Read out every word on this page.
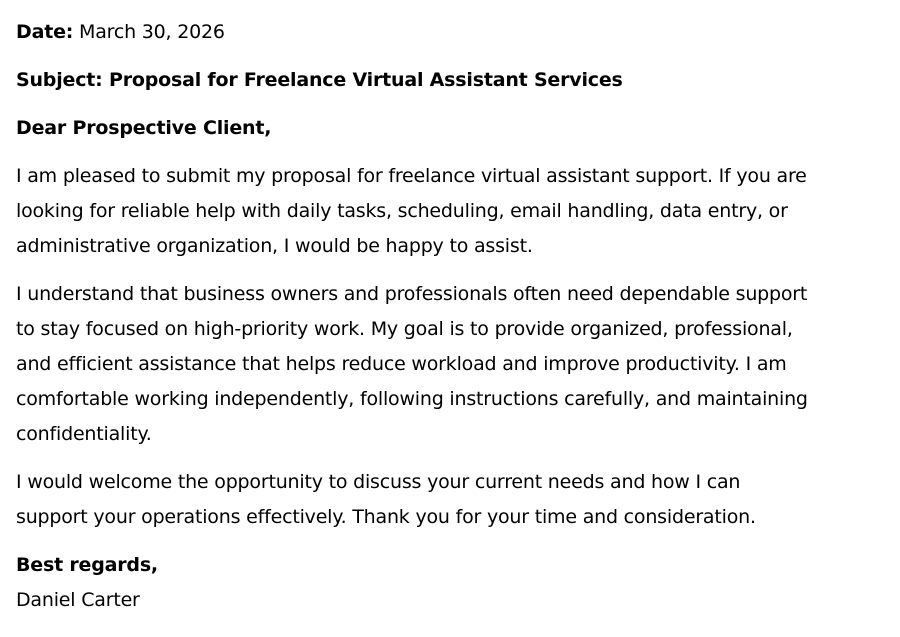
Date: March 30, 2026
Subject: Proposal for Freelance Virtual Assistant Services
Dear Prospective Client,
I am pleased to submit my proposal for freelance virtual assistant support. If you are
looking for reliable help with daily tasks, scheduling, email handling, data entry, or
administrative organization, I would be happy to assist.
I understand that business owners and professionals often need dependable support
to stay focused on high-priority work. My goal is to provide organized, professional,
and efficient assistance that helps reduce workload and improve productivity. I am
comfortable working independently, following instructions carefully, and maintaining
confidentiality.
I would welcome the opportunity to discuss your current needs and how I can
support your operations effectively. Thank you for your time and consideration.
Best regards,
Daniel Carter
